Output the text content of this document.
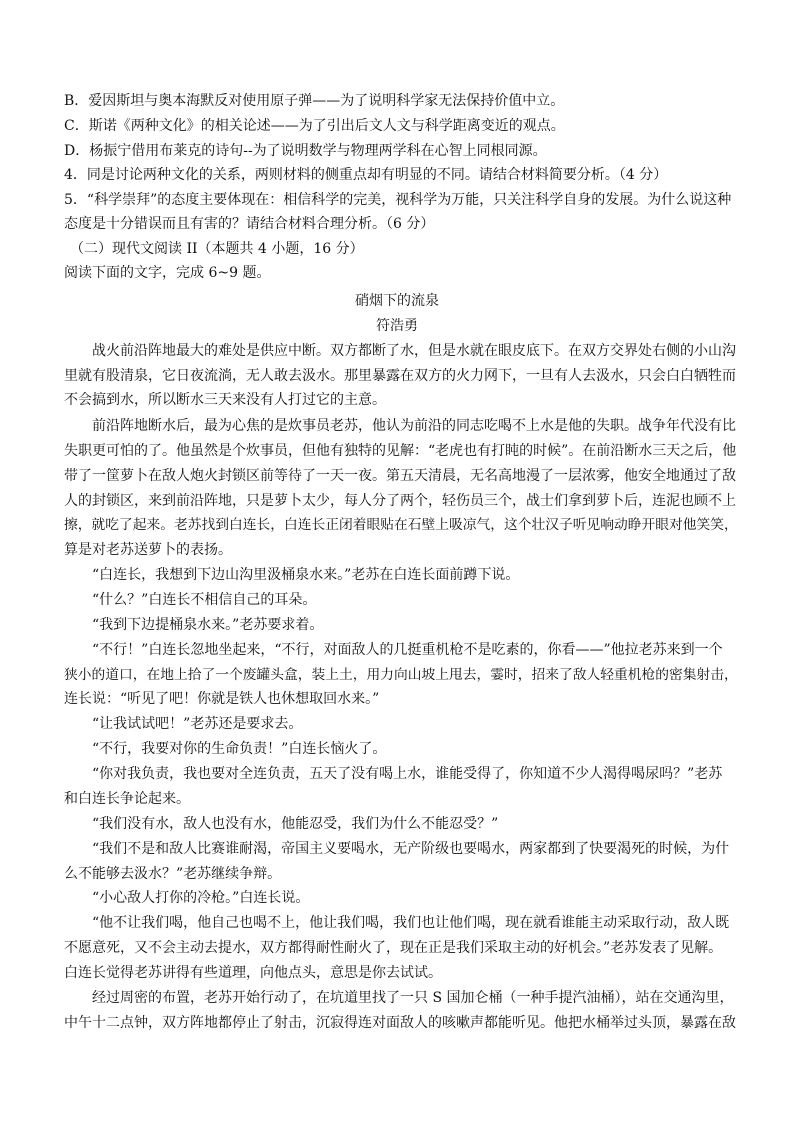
B．爱因斯坦与奥本海默反对使用原子弹——为了说明科学家无法保持价值中立。
C．斯诺《两种文化》的相关论述——为了引出后文人文与科学距离变近的观点。
D．杨振宁借用布莱克的诗句--为了说明数学与物理两学科在心智上同根同源。
4．同是讨论两种文化的关系，两则材料的侧重点却有明显的不同。请结合材料简要分析。（4 分）
5．“科学崇拜”的态度主要体现在：相信科学的完美，视科学为万能，只关注科学自身的发展。为什么说这种
态度是十分错误而且有害的？请结合材料合理分析。（6 分）
（二）现代文阅读 II（本题共 4 小题，16 分）
阅读下面的文字，完成 6~9 题。
硝烟下的流泉
符浩勇
战火前沿阵地最大的难处是供应中断。双方都断了水，但是水就在眼皮底下。在双方交界处右侧的小山沟
里就有股清泉，它日夜流淌，无人敢去汲水。那里暴露在双方的火力网下，一旦有人去汲水，只会白白牺牲而
不会搞到水，所以断水三天来没有人打过它的主意。
前沿阵地断水后，最为心焦的是炊事员老苏，他认为前沿的同志吃喝不上水是他的失职。战争年代没有比
失职更可怕的了。他虽然是个炊事员，但他有独特的见解：“老虎也有打盹的时候”。在前沿断水三天之后，他
带了一筐萝卜在敌人炮火封锁区前等待了一天一夜。第五天清晨，无名高地漫了一层浓雾，他安全地通过了敌
人的封锁区，来到前沿阵地，只是萝卜太少，每人分了两个，轻伤员三个，战士们拿到萝卜后，连泥也顾不上
擦，就吃了起来。老苏找到白连长，白连长正闭着眼贴在石壁上吸凉气，这个壮汉子听见响动睁开眼对他笑笑，
算是对老苏送萝卜的表扬。
“白连长，我想到下边山沟里汲桶泉水来。”老苏在白连长面前蹲下说。
“什么？”白连长不相信自己的耳朵。
“我到下边提桶泉水来。”老苏要求着。
“不行！”白连长忽地坐起来，“不行，对面敌人的几挺重机枪不是吃素的，你看——”他拉老苏来到一个
狭小的道口，在地上拾了一个废罐头盒，装上土，用力向山坡上甩去，霎时，招来了敌人轻重机枪的密集射击，
连长说：“听见了吧！你就是铁人也休想取回水来。”
“让我试试吧！”老苏还是要求去。
“不行，我要对你的生命负责！”白连长恼火了。
“你对我负责，我也要对全连负责，五天了没有喝上水，谁能受得了，你知道不少人渴得喝尿吗？”老苏
和白连长争论起来。
“我们没有水，敌人也没有水，他能忍受，我们为什么不能忍受？”
“我们不是和敌人比赛谁耐渴，帝国主义要喝水，无产阶级也要喝水，两家都到了快要渴死的时候，为什
么不能够去汲水？”老苏继续争辩。
“小心敌人打你的冷枪。”白连长说。
“他不让我们喝，他自己也喝不上，他让我们喝，我们也让他们喝，现在就看谁能主动采取行动，敌人既
不愿意死，又不会主动去提水，双方都得耐性耐火了，现在正是我们采取主动的好机会。”老苏发表了见解。
白连长觉得老苏讲得有些道理，向他点头，意思是你去试试。
经过周密的布置，老苏开始行动了，在坑道里找了一只 S 国加仑桶（一种手提汽油桶），站在交通沟里，
中午十二点钟，双方阵地都停止了射击，沉寂得连对面敌人的咳嗽声都能听见。他把水桶举过头顶，暴露在敌
